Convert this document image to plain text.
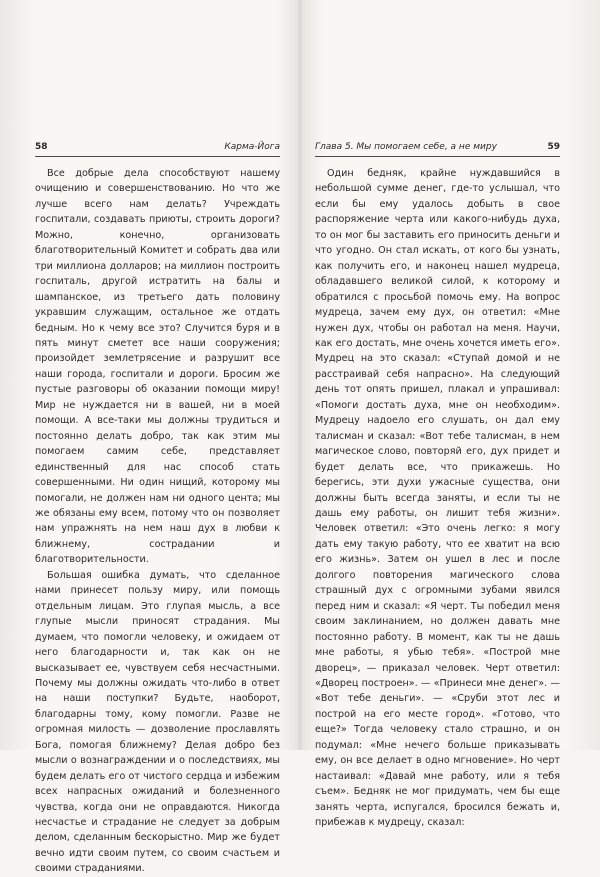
58	Карма-Йога

Все добрые дела способствуют нашему очищению и совершенствованию. Но что же лучше всего нам делать? Учреждать госпитали, создавать приюты, строить дороги? Можно, конечно, организовать благотворительный Комитет и собрать два или три миллиона долларов; на миллион построить госпиталь, другой истратить на балы и шампанское, из третьего дать половину укравшим служащим, остальное же отдать бедным. Но к чему все это? Случится буря и в пять минут сметет все наши сооружения; произойдет землетрясение и разрушит все наши города, госпитали и дороги. Бросим же пустые разговоры об оказании помощи миру! Мир не нуждается ни в вашей, ни в моей помощи. А все-таки мы должны трудиться и постоянно делать добро, так как этим мы помогаем самим себе, представляет единственный для нас способ стать совершенными. Ни один нищий, которому мы помогали, не должен нам ни одного цента; мы же обязаны ему всем, потому что он позволяет нам упражнять на нем наш дух в любви к ближнему, сострадании и благотворительности.

Большая ошибка думать, что сделанное нами принесет пользу миру, или помощь отдельным лицам. Это глупая мысль, а все глупые мысли приносят страдания. Мы думаем, что помогли человеку, и ожидаем от него благодарности и, так как он не высказывает ее, чувствуем себя несчастными. Почему мы должны ожидать что-либо в ответ на наши поступки? Будьте, наоборот, благодарны тому, кому помогли. Разве не огромная милость — дозволение прославлять Бога, помогая ближнему? Делая добро без мысли о вознаграждении и о последствиях, мы будем делать его от чистого сердца и избежим всех напрасных ожиданий и болезненного чувства, когда они не оправдаются. Никогда несчастье и страдание не следует за добрым делом, сделанным бескорыстно. Мир же будет вечно идти своим путем, со своим счастьем и своими страданиями.

Глава 5. Мы помогаем себе, а не миру	59

Один бедняк, крайне нуждавшийся в небольшой сумме денег, где-то услышал, что если бы ему удалось добыть в свое распоряжение черта или какого-нибудь духа, то он мог бы заставить его приносить деньги и что угодно. Он стал искать, от кого бы узнать, как получить его, и наконец нашел мудреца, обладавшего великой силой, к которому и обратился с просьбой помочь ему. На вопрос мудреца, зачем ему дух, он ответил: «Мне нужен дух, чтобы он работал на меня. Научи, как его достать, мне очень хочется иметь его». Мудрец на это сказал: «Ступай домой и не расстраивай себя напрасно». На следующий день тот опять пришел, плакал и упрашивал: «Помоги достать духа, мне он необходим». Мудрецу надоело его слушать, он дал ему талисман и сказал: «Вот тебе талисман, в нем магическое слово, повторяй его, дух придет и будет делать все, что прикажешь. Но берегись, эти духи ужасные существа, они должны быть всегда заняты, и если ты не дашь ему работы, он лишит тебя жизни». Человек ответил: «Это очень легко: я могу дать ему такую работу, что ее хватит на всю его жизнь». Затем он ушел в лес и после долгого повторения магического слова страшный дух с огромными зубами явился перед ним и сказал: «Я черт. Ты победил меня своим заклинанием, но должен давать мне постоянно работу. В момент, как ты не дашь мне работы, я убью тебя». «Построй мне дворец», — приказал человек. Черт ответил: «Дворец построен». — «Принеси мне денег». — «Вот тебе деньги». — «Сруби этот лес и построй на его месте город». «Готово, что еще?» Тогда человеку стало страшно, и он подумал: «Мне нечего больше приказывать ему, он все делает в одно мгновение». Но черт настаивал: «Давай мне работу, или я тебя съем». Бедняк не мог придумать, чем бы еще занять черта, испугался, бросился бежать и, прибежав к мудрецу, сказал:
